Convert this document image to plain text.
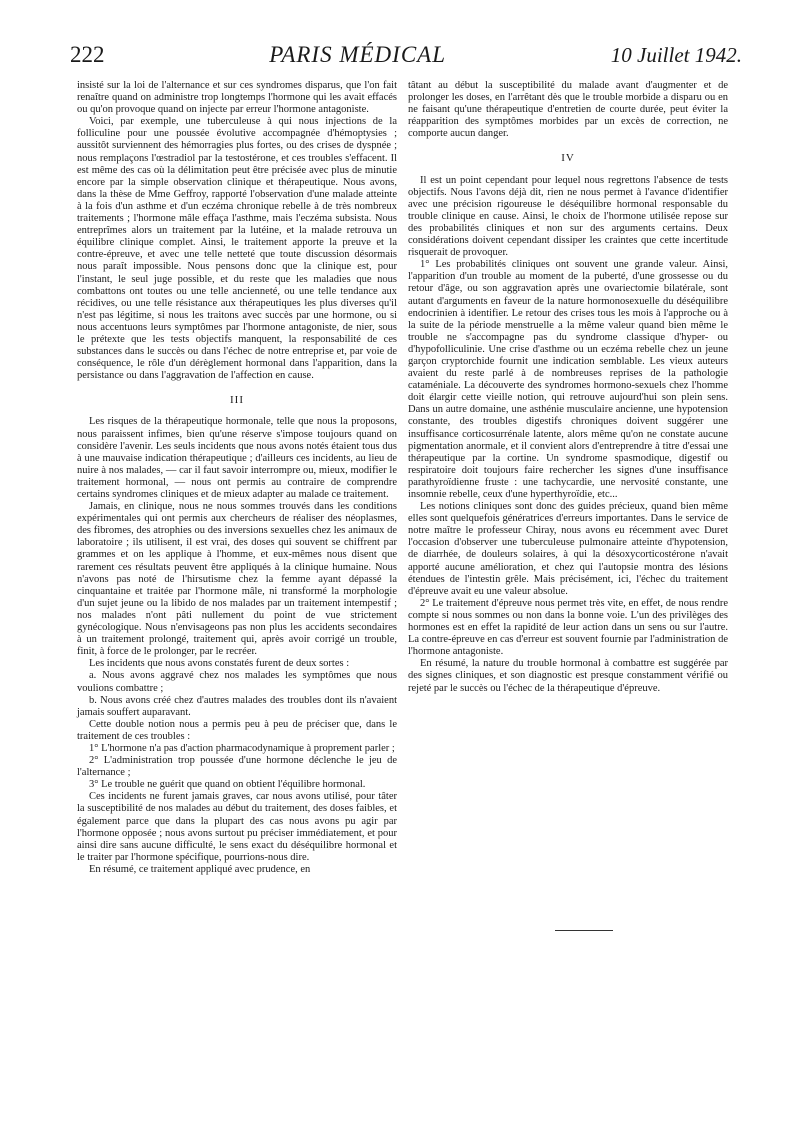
222	PARIS MÉDICAL	10 Juillet 1942.

insisté sur la loi de l'alternance et sur ces syndromes disparus, que l'on fait renaître quand on administre trop longtemps l'hormone qui les avait effacés ou qu'on provoque quand on injecte par erreur l'hormone antagoniste.

Voici, par exemple, une tuberculeuse à qui nous injections de la folliculine pour une poussée évolutive accompagnée d'hémoptysies ; aussitôt surviennent des hémorragies plus fortes, ou des crises de dyspnée ; nous remplaçons l'œstradiol par la testostérone, et ces troubles s'effacent. Il est même des cas où la délimitation peut être précisée avec plus de minutie encore par la simple observation clinique et thérapeutique. Nous avons, dans la thèse de Mme Geffroy, rapporté l'observation d'une malade atteinte à la fois d'un asthme et d'un eczéma chronique rebelle à de très nombreux traitements ; l'hormone mâle effaça l'asthme, mais l'eczéma subsista. Nous entreprîmes alors un traitement par la lutéine, et la malade retrouva un équilibre clinique complet. Ainsi, le traitement apporte la preuve et la contre-épreuve, et avec une telle netteté que toute discussion désormais nous paraît impossible. Nous pensons donc que la clinique est, pour l'instant, le seul juge possible, et du reste que les maladies que nous combattons ont toutes ou une telle ancienneté, ou une telle tendance aux récidives, ou une telle résistance aux thérapeutiques les plus diverses qu'il n'est pas légitime, si nous les traitons avec succès par une hormone, ou si nous accentuons leurs symptômes par l'hormone antagoniste, de nier, sous le prétexte que les tests objectifs manquent, la responsabilité de ces substances dans le succès ou dans l'échec de notre entreprise et, par voie de conséquence, le rôle d'un dérèglement hormonal dans l'apparition, dans la persistance ou dans l'aggravation de l'affection en cause.

III

Les risques de la thérapeutique hormonale, telle que nous la proposons, nous paraissent infimes, bien qu'une réserve s'impose toujours quand on considère l'avenir. Les seuls incidents que nous avons notés étaient tous dus à une mauvaise indication thérapeutique ; d'ailleurs ces incidents, au lieu de nuire à nos malades, — car il faut savoir interrompre ou, mieux, modifier le traitement hormonal, — nous ont permis au contraire de comprendre certains syndromes cliniques et de mieux adapter au malade ce traitement.

Jamais, en clinique, nous ne nous sommes trouvés dans les conditions expérimentales qui ont permis aux chercheurs de réaliser des néoplasmes, des fibromes, des atrophies ou des inversions sexuelles chez les animaux de laboratoire ; ils utilisent, il est vrai, des doses qui souvent se chiffrent par grammes et on les applique à l'homme, et eux-mêmes nous disent que rarement ces résultats peuvent être appliqués à la clinique humaine. Nous n'avons pas noté de l'hirsutisme chez la femme ayant dépassé la cinquantaine et traitée par l'hormone mâle, ni transformé la morphologie d'un sujet jeune ou la libido de nos malades par un traitement intempestif ; nos malades n'ont pâti nullement du point de vue strictement gynécologique. Nous n'envisageons pas non plus les accidents secondaires à un traitement prolongé, traitement qui, après avoir corrigé un trouble, finit, à force de le prolonger, par le recréer.

Les incidents que nous avons constatés furent de deux sortes :

a. Nous avons aggravé chez nos malades les symptômes que nous voulions combattre ;

b. Nous avons créé chez d'autres malades des troubles dont ils n'avaient jamais souffert auparavant.

Cette double notion nous a permis peu à peu de préciser que, dans le traitement de ces troubles :

1° L'hormone n'a pas d'action pharmacodynamique à proprement parler ;

2° L'administration trop poussée d'une hormone déclenche le jeu de l'alternance ;

3° Le trouble ne guérit que quand on obtient l'équilibre hormonal.

Ces incidents ne furent jamais graves, car nous avons utilisé, pour tâter la susceptibilité de nos malades au début du traitement, des doses faibles, et également parce que dans la plupart des cas nous avons pu agir par l'hormone opposée ; nous avons surtout pu préciser immédiatement, et pour ainsi dire sans aucune difficulté, le sens exact du déséquilibre hormonal et le traiter par l'hormone spécifique, pourrions-nous dire.

En résumé, ce traitement appliqué avec prudence, en

tâtant au début la susceptibilité du malade avant d'augmenter et de prolonger les doses, en l'arrêtant dès que le trouble morbide a disparu ou en ne faisant qu'une thérapeutique d'entretien de courte durée, peut éviter la réapparition des symptômes morbides par un excès de correction, ne comporte aucun danger.

IV

Il est un point cependant pour lequel nous regrettons l'absence de tests objectifs. Nous l'avons déjà dit, rien ne nous permet à l'avance d'identifier avec une précision rigoureuse le déséquilibre hormonal responsable du trouble clinique en cause. Ainsi, le choix de l'hormone utilisée repose sur des probabilités cliniques et non sur des arguments certains. Deux considérations doivent cependant dissiper les craintes que cette incertitude risquerait de provoquer.

1° Les probabilités cliniques ont souvent une grande valeur. Ainsi, l'apparition d'un trouble au moment de la puberté, d'une grossesse ou du retour d'âge, ou son aggravation après une ovariectomie bilatérale, sont autant d'arguments en faveur de la nature hormonosexuelle du déséquilibre endocrinien à identifier. Le retour des crises tous les mois à l'approche ou à la suite de la période menstruelle a la même valeur quand bien même le trouble ne s'accompagne pas du syndrome classique d'hyper- ou d'hypofolliculinie. Une crise d'asthme ou un eczéma rebelle chez un jeune garçon cryptorchide fournit une indication semblable. Les vieux auteurs avaient du reste parlé à de nombreuses reprises de la pathologie cataméniale. La découverte des syndromes hormono-sexuels chez l'homme doit élargir cette vieille notion, qui retrouve aujourd'hui son plein sens. Dans un autre domaine, une asthénie musculaire ancienne, une hypotension constante, des troubles digestifs chroniques doivent suggérer une insuffisance corticosurrénale latente, alors même qu'on ne constate aucune pigmentation anormale, et il convient alors d'entreprendre à titre d'essai une thérapeutique par la cortine. Un syndrome spasmodique, digestif ou respiratoire doit toujours faire rechercher les signes d'une insuffisance parathyroïdienne fruste : une tachycardie, une nervosité constante, une insomnie rebelle, ceux d'une hyperthyroïdie, etc...

Les notions cliniques sont donc des guides précieux, quand bien même elles sont quelquefois génératrices d'erreurs importantes. Dans le service de notre maître le professeur Chiray, nous avons eu récemment avec Duret l'occasion d'observer une tuberculeuse pulmonaire atteinte d'hypotension, de diarrhée, de douleurs solaires, à qui la désoxycorticostérone n'avait apporté aucune amélioration, et chez qui l'autopsie montra des lésions étendues de l'intestin grêle. Mais précisément, ici, l'échec du traitement d'épreuve avait eu une valeur absolue.

2° Le traitement d'épreuve nous permet très vite, en effet, de nous rendre compte si nous sommes ou non dans la bonne voie. L'un des privilèges des hormones est en effet la rapidité de leur action dans un sens ou sur l'autre. La contre-épreuve en cas d'erreur est souvent fournie par l'administration de l'hormone antagoniste.

En résumé, la nature du trouble hormonal à combattre est suggérée par des signes cliniques, et son diagnostic est presque constamment vérifié ou rejeté par le succès ou l'échec de la thérapeutique d'épreuve.
